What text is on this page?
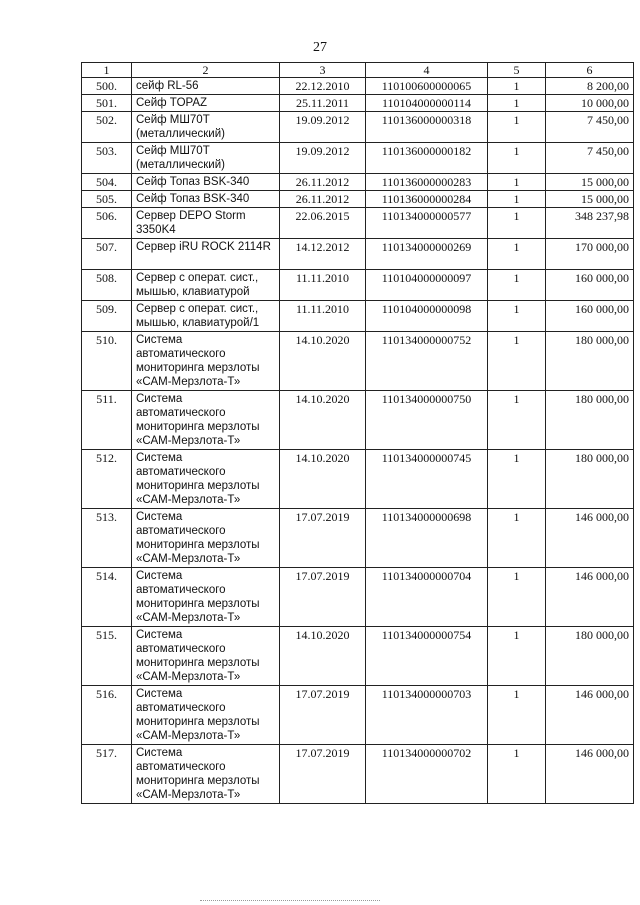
27
1	2	3	4	5	6
500.	сейф RL-56	22.12.2010	110100600000065	1	8 200,00
501.	Сейф TOPAZ	25.11.2011	110104000000114	1	10 000,00
502.	Сейф МШ70Т (металлический)	19.09.2012	110136000000318	1	7 450,00
503.	Сейф МШ70Т (металлический)	19.09.2012	110136000000182	1	7 450,00
504.	Сейф Топаз BSK-340	26.11.2012	110136000000283	1	15 000,00
505.	Сейф Топаз BSK-340	26.11.2012	110136000000284	1	15 000,00
506.	Сервер DEPO Storm 3350K4	22.06.2015	110134000000577	1	348 237,98
507.	Сервер iRU ROCK 2114R	14.12.2012	110134000000269	1	170 000,00
508.	Сервер с операт. сист., мышью, клавиатурой	11.11.2010	110104000000097	1	160 000,00
509.	Сервер с операт. сист., мышью, клавиатурой/1	11.11.2010	110104000000098	1	160 000,00
510.	Система автоматического мониторинга мерзлоты «САМ-Мерзлота-Т»	14.10.2020	110134000000752	1	180 000,00
511.	Система автоматического мониторинга мерзлоты «САМ-Мерзлота-Т»	14.10.2020	110134000000750	1	180 000,00
512.	Система автоматического мониторинга мерзлоты «САМ-Мерзлота-Т»	14.10.2020	110134000000745	1	180 000,00
513.	Система автоматического мониторинга мерзлоты «САМ-Мерзлота-Т»	17.07.2019	110134000000698	1	146 000,00
514.	Система автоматического мониторинга мерзлоты «САМ-Мерзлота-Т»	17.07.2019	110134000000704	1	146 000,00
515.	Система автоматического мониторинга мерзлоты «САМ-Мерзлота-Т»	14.10.2020	110134000000754	1	180 000,00
516.	Система автоматического мониторинга мерзлоты «САМ-Мерзлота-Т»	17.07.2019	110134000000703	1	146 000,00
517.	Система автоматического мониторинга мерзлоты «САМ-Мерзлота-Т»	17.07.2019	110134000000702	1	146 000,00
